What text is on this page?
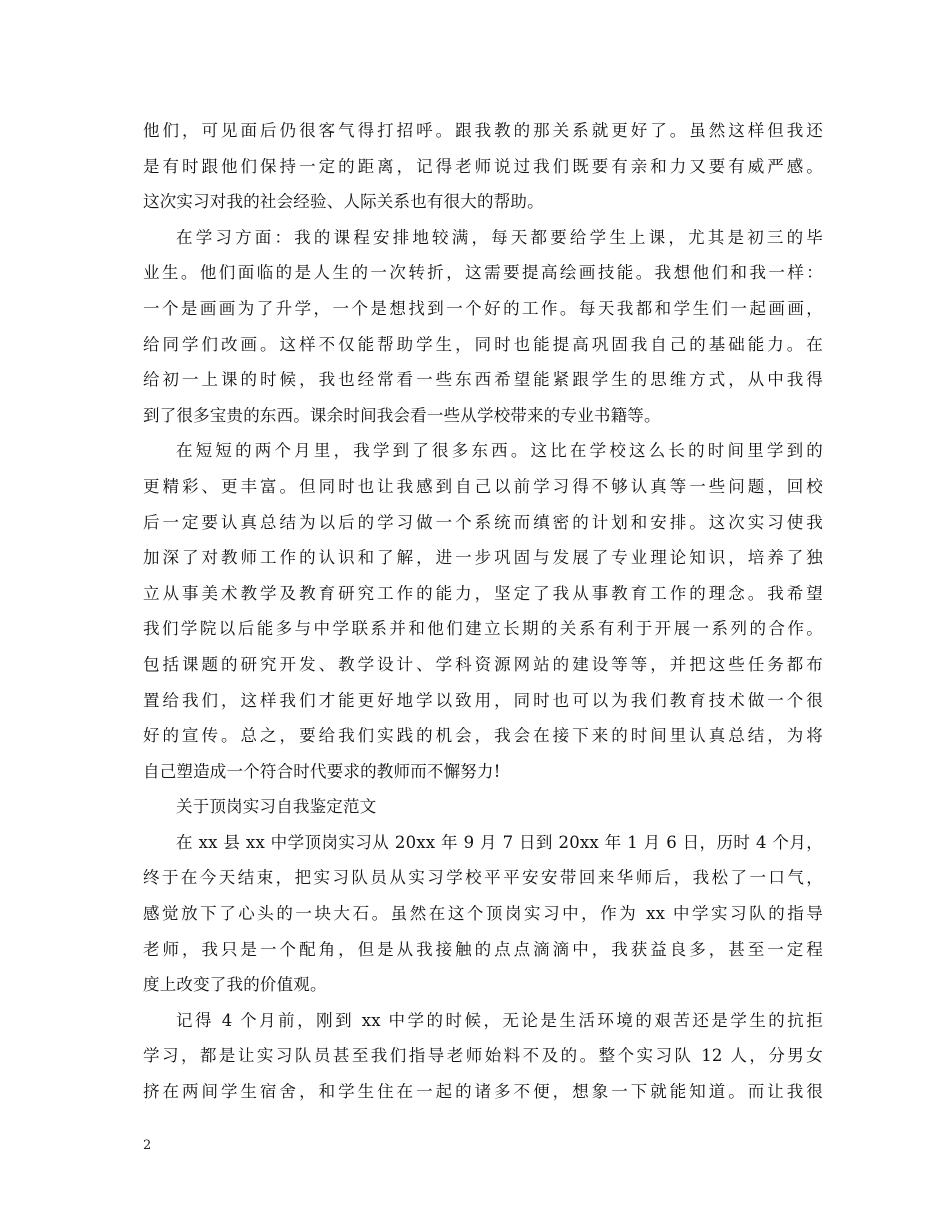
他们，可见面后仍很客气得打招呼。跟我教的那关系就更好了。虽然这样但我还
是有时跟他们保持一定的距离，记得老师说过我们既要有亲和力又要有威严感。
这次实习对我的社会经验、人际关系也有很大的帮助。
在学习方面：我的课程安排地较满，每天都要给学生上课，尤其是初三的毕
业生。他们面临的是人生的一次转折，这需要提高绘画技能。我想他们和我一样：
一个是画画为了升学，一个是想找到一个好的工作。每天我都和学生们一起画画，
给同学们改画。这样不仅能帮助学生，同时也能提高巩固我自己的基础能力。在
给初一上课的时候，我也经常看一些东西希望能紧跟学生的思维方式，从中我得
到了很多宝贵的东西。课余时间我会看一些从学校带来的专业书籍等。
在短短的两个月里，我学到了很多东西。这比在学校这么长的时间里学到的
更精彩、更丰富。但同时也让我感到自己以前学习得不够认真等一些问题，回校
后一定要认真总结为以后的学习做一个系统而缜密的计划和安排。这次实习使我
加深了对教师工作的认识和了解，进一步巩固与发展了专业理论知识，培养了独
立从事美术教学及教育研究工作的能力，坚定了我从事教育工作的理念。我希望
我们学院以后能多与中学联系并和他们建立长期的关系有利于开展一系列的合作。
包括课题的研究开发、教学设计、学科资源网站的建设等等，并把这些任务都布
置给我们，这样我们才能更好地学以致用，同时也可以为我们教育技术做一个很
好的宣传。总之，要给我们实践的机会，我会在接下来的时间里认真总结，为将
自己塑造成一个符合时代要求的教师而不懈努力!
关于顶岗实习自我鉴定范文
在 xx 县 xx 中学顶岗实习从 20xx 年 9 月 7 日到 20xx 年 1 月 6 日，历时 4 个月，
终于在今天结束，把实习队员从实习学校平平安安带回来华师后，我松了一口气，
感觉放下了心头的一块大石。虽然在这个顶岗实习中，作为 xx 中学实习队的指导
老师，我只是一个配角，但是从我接触的点点滴滴中，我获益良多，甚至一定程
度上改变了我的价值观。
记得 4 个月前，刚到 xx 中学的时候，无论是生活环境的艰苦还是学生的抗拒
学习，都是让实习队员甚至我们指导老师始料不及的。整个实习队 12 人，分男女
挤在两间学生宿舍，和学生住在一起的诸多不便，想象一下就能知道。而让我很
2
